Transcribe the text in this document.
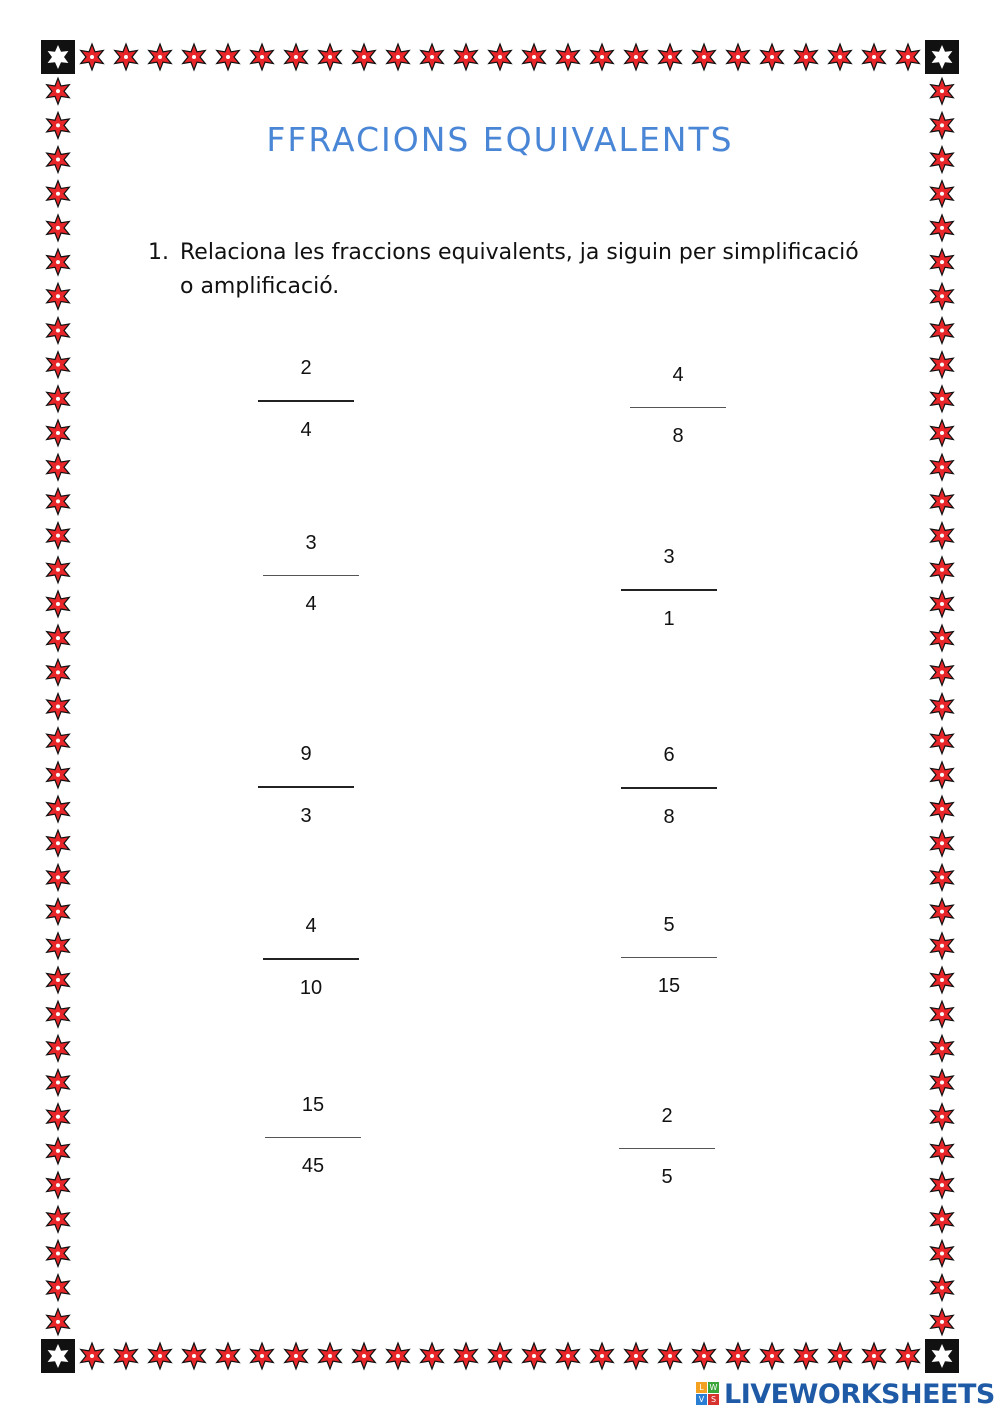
FFRACIONS EQUIVALENTS
1. Relaciona les fraccions equivalents, ja siguin per simplificació o amplificació.
2
4
3
4
9
3
4
10
15
45
4
8
3
1
6
8
5
15
2
5
L W
V S LIVEWORKSHEETS
